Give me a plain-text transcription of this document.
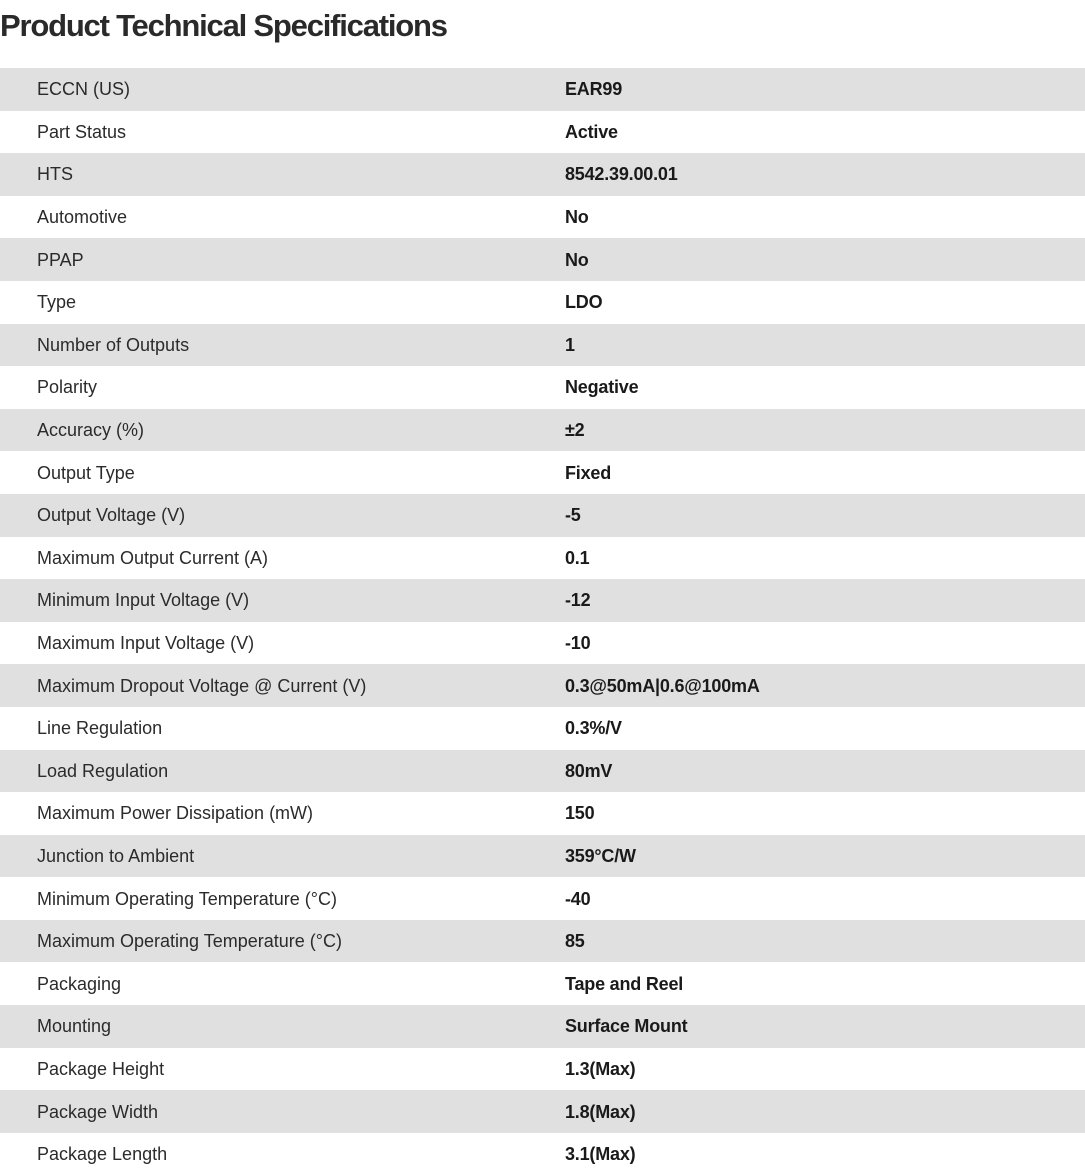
Product Technical Specifications
ECCN (US)	EAR99
Part Status	Active
HTS	8542.39.00.01
Automotive	No
PPAP	No
Type	LDO
Number of Outputs	1
Polarity	Negative
Accuracy (%)	±2
Output Type	Fixed
Output Voltage (V)	-5
Maximum Output Current (A)	0.1
Minimum Input Voltage (V)	-12
Maximum Input Voltage (V)	-10
Maximum Dropout Voltage @ Current (V)	0.3@50mA|0.6@100mA
Line Regulation	0.3%/V
Load Regulation	80mV
Maximum Power Dissipation (mW)	150
Junction to Ambient	359°C/W
Minimum Operating Temperature (°C)	-40
Maximum Operating Temperature (°C)	85
Packaging	Tape and Reel
Mounting	Surface Mount
Package Height	1.3(Max)
Package Width	1.8(Max)
Package Length	3.1(Max)
